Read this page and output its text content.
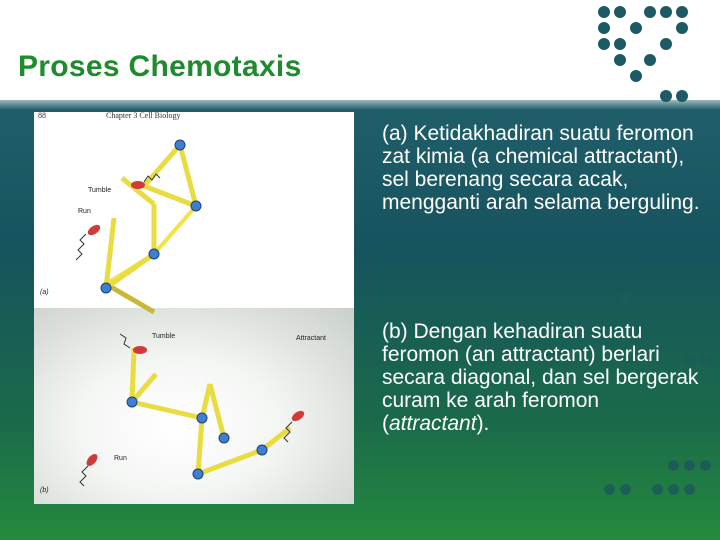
Proses Chemotaxis
88	Chapter 3 Cell Biology
Tumble
Run
(a)
Tumble
Run
Attractant
(b)

(a) Ketidakhadiran suatu feromon zat kimia (a chemical attractant), sel berenang secara acak, mengganti arah selama berguling.

(b) Dengan kehadiran suatu feromon (an attractant) berlari secara diagonal, dan sel bergerak curam ke arah feromon (attractant).
